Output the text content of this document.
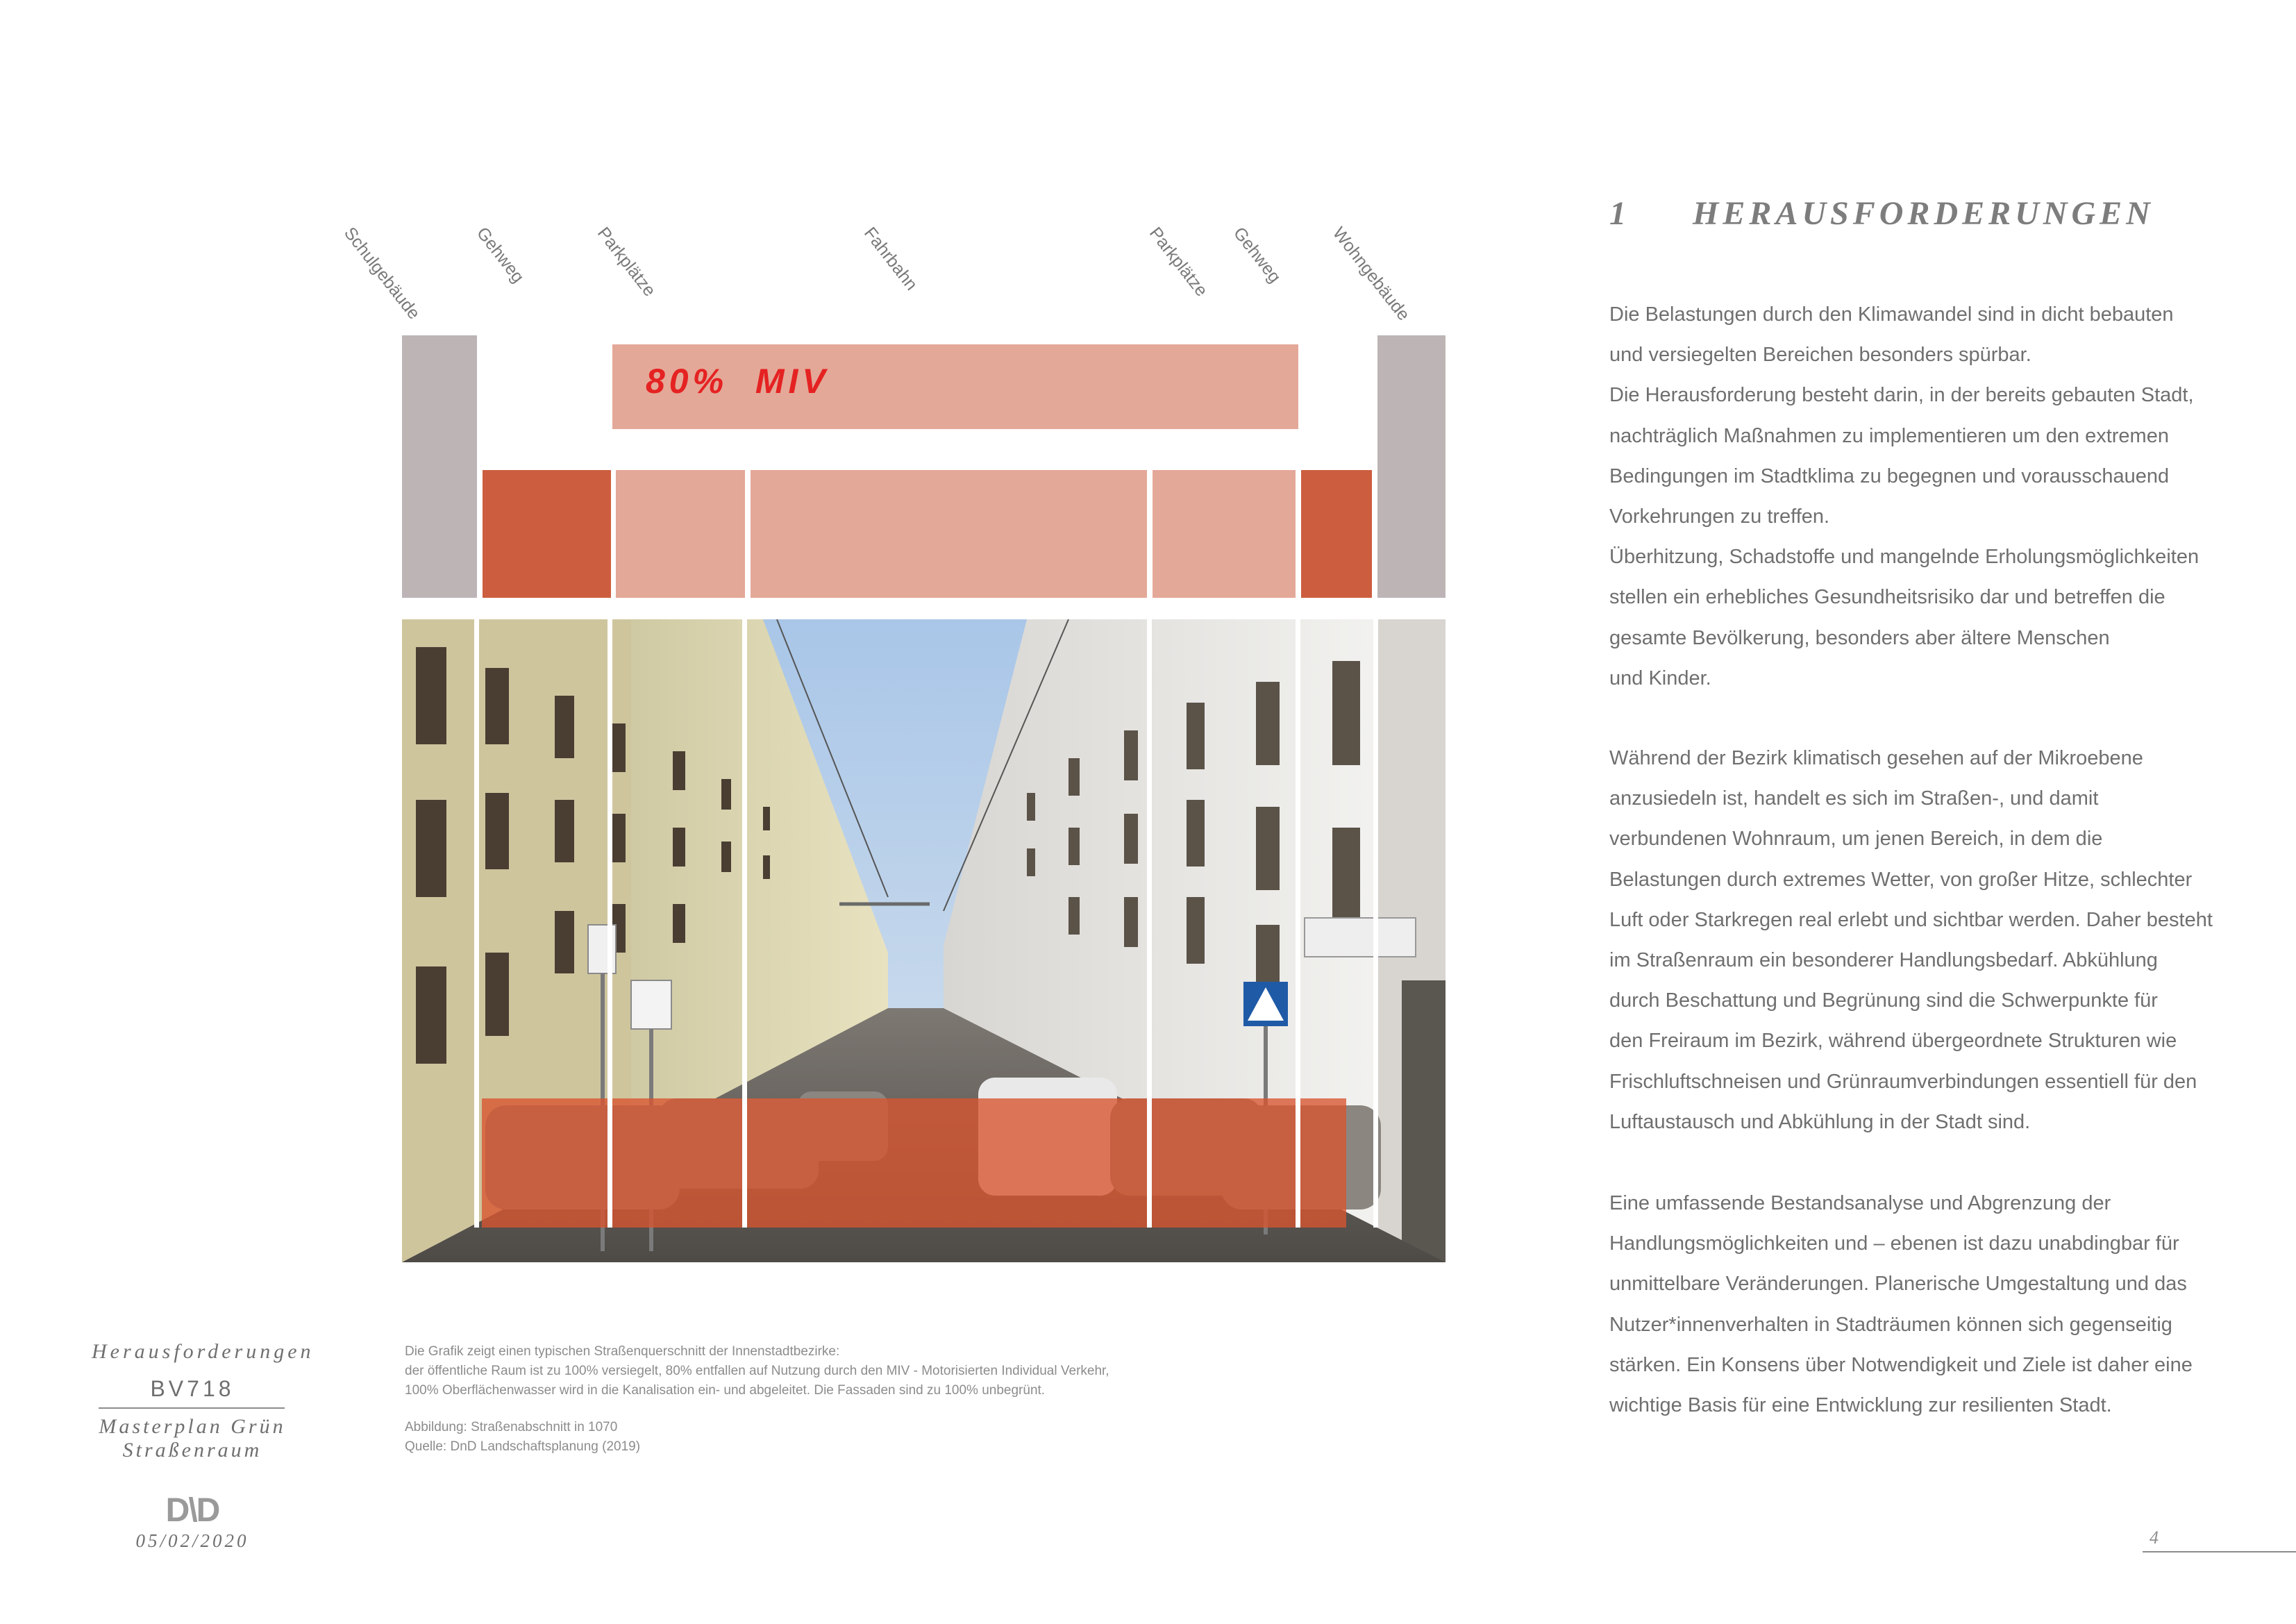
Schulgebäude	Gehweg	Parkplätze	Fahrbahn	Parkplätze Gehweg	Wohngebäude
80%  MIV
Die Grafik zeigt einen typischen Straßenquerschnitt der Innenstadtbezirke:
der öffentliche Raum ist zu 100% versiegelt, 80% entfallen auf Nutzung durch den MIV - Motorisierten Individual Verkehr,
100% Oberflächenwasser wird in die Kanalisation ein- und abgeleitet. Die Fassaden sind zu 100% unbegrünt.
Abbildung: Straßenabschnitt in 1070
Quelle: DnD Landschaftsplanung (2019)
1 HERAUSFORDERUNGEN
Die Belastungen durch den Klimawandel sind in dicht bebauten
und versiegelten Bereichen besonders spürbar.
Die Herausforderung besteht darin, in der bereits gebauten Stadt,
nachträglich Maßnahmen zu implementieren um den extremen
Bedingungen im Stadtklima zu begegnen und vorausschauend
Vorkehrungen zu treffen.
Überhitzung, Schadstoffe und mangelnde Erholungsmöglichkeiten
stellen ein erhebliches Gesundheitsrisiko dar und betreffen die
gesamte Bevölkerung, besonders aber ältere Menschen
und Kinder.
Während der Bezirk klimatisch gesehen auf der Mikroebene
anzusiedeln ist, handelt es sich im Straßen-, und damit
verbundenen Wohnraum, um jenen Bereich, in dem die
Belastungen durch extremes Wetter, von großer Hitze, schlechter
Luft oder Starkregen real erlebt und sichtbar werden. Daher besteht
im Straßenraum ein besonderer Handlungsbedarf. Abkühlung
durch Beschattung und Begrünung sind die Schwerpunkte für
den Freiraum im Bezirk, während übergeordnete Strukturen wie
Frischluftschneisen und Grünraumverbindungen essentiell für den
Luftaustausch und Abkühlung in der Stadt sind.
Eine umfassende Bestandsanalyse und Abgrenzung der
Handlungsmöglichkeiten und – ebenen ist dazu unabdingbar für
unmittelbare Veränderungen. Planerische Umgestaltung und das
Nutzer*innenverhalten in Stadträumen können sich gegenseitig
stärken. Ein Konsens über Notwendigkeit und Ziele ist daher eine
wichtige Basis für eine Entwicklung zur resilienten Stadt.
Herausforderungen
BV718
Masterplan Grün
Straßenraum
D\D
05/02/2020	4
